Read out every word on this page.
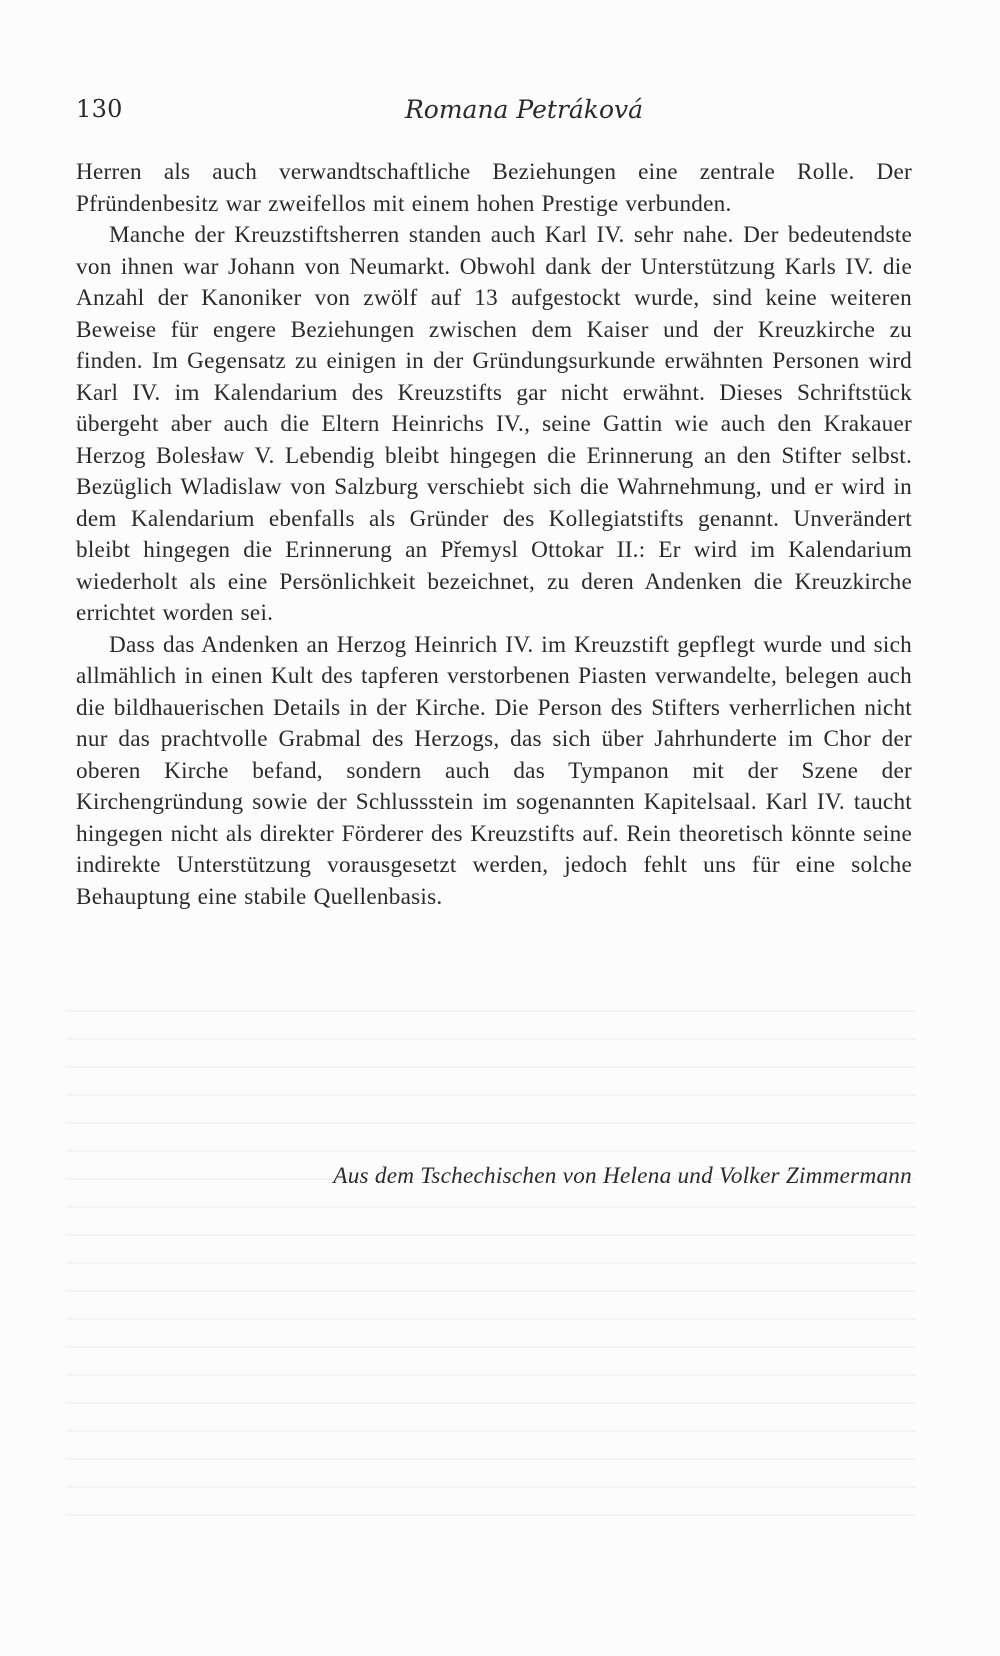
130	Romana Petráková

Herren als auch verwandtschaftliche Beziehungen eine zentrale Rolle. Der Pfründenbesitz war zweifellos mit einem hohen Prestige verbunden.

Manche der Kreuzstiftsherren standen auch Karl IV. sehr nahe. Der bedeutendste von ihnen war Johann von Neumarkt. Obwohl dank der Unterstützung Karls IV. die Anzahl der Kanoniker von zwölf auf 13 aufgestockt wurde, sind keine weiteren Beweise für engere Beziehungen zwischen dem Kaiser und der Kreuzkirche zu finden. Im Gegensatz zu einigen in der Gründungsurkunde erwähnten Personen wird Karl IV. im Kalendarium des Kreuzstifts gar nicht erwähnt. Dieses Schriftstück übergeht aber auch die Eltern Heinrichs IV., seine Gattin wie auch den Krakauer Herzog Bolesław V. Lebendig bleibt hingegen die Erinnerung an den Stifter selbst. Bezüglich Wladislaw von Salzburg verschiebt sich die Wahrnehmung, und er wird in dem Kalendarium ebenfalls als Gründer des Kollegiatstifts genannt. Unverändert bleibt hingegen die Erinnerung an Přemysl Ottokar II.: Er wird im Kalendarium wiederholt als eine Persönlichkeit bezeichnet, zu deren Andenken die Kreuzkirche errichtet worden sei.

Dass das Andenken an Herzog Heinrich IV. im Kreuzstift gepflegt wurde und sich allmählich in einen Kult des tapferen verstorbenen Piasten verwandelte, belegen auch die bildhauerischen Details in der Kirche. Die Person des Stifters verherrlichen nicht nur das prachtvolle Grabmal des Herzogs, das sich über Jahrhunderte im Chor der oberen Kirche befand, sondern auch das Tympanon mit der Szene der Kirchengründung sowie der Schlussstein im sogenannten Kapitelsaal. Karl IV. taucht hingegen nicht als direkter Förderer des Kreuzstifts auf. Rein theoretisch könnte seine indirekte Unterstützung vorausgesetzt werden, jedoch fehlt uns für eine solche Behauptung eine stabile Quellenbasis.

Aus dem Tschechischen von Helena und Volker Zimmermann
